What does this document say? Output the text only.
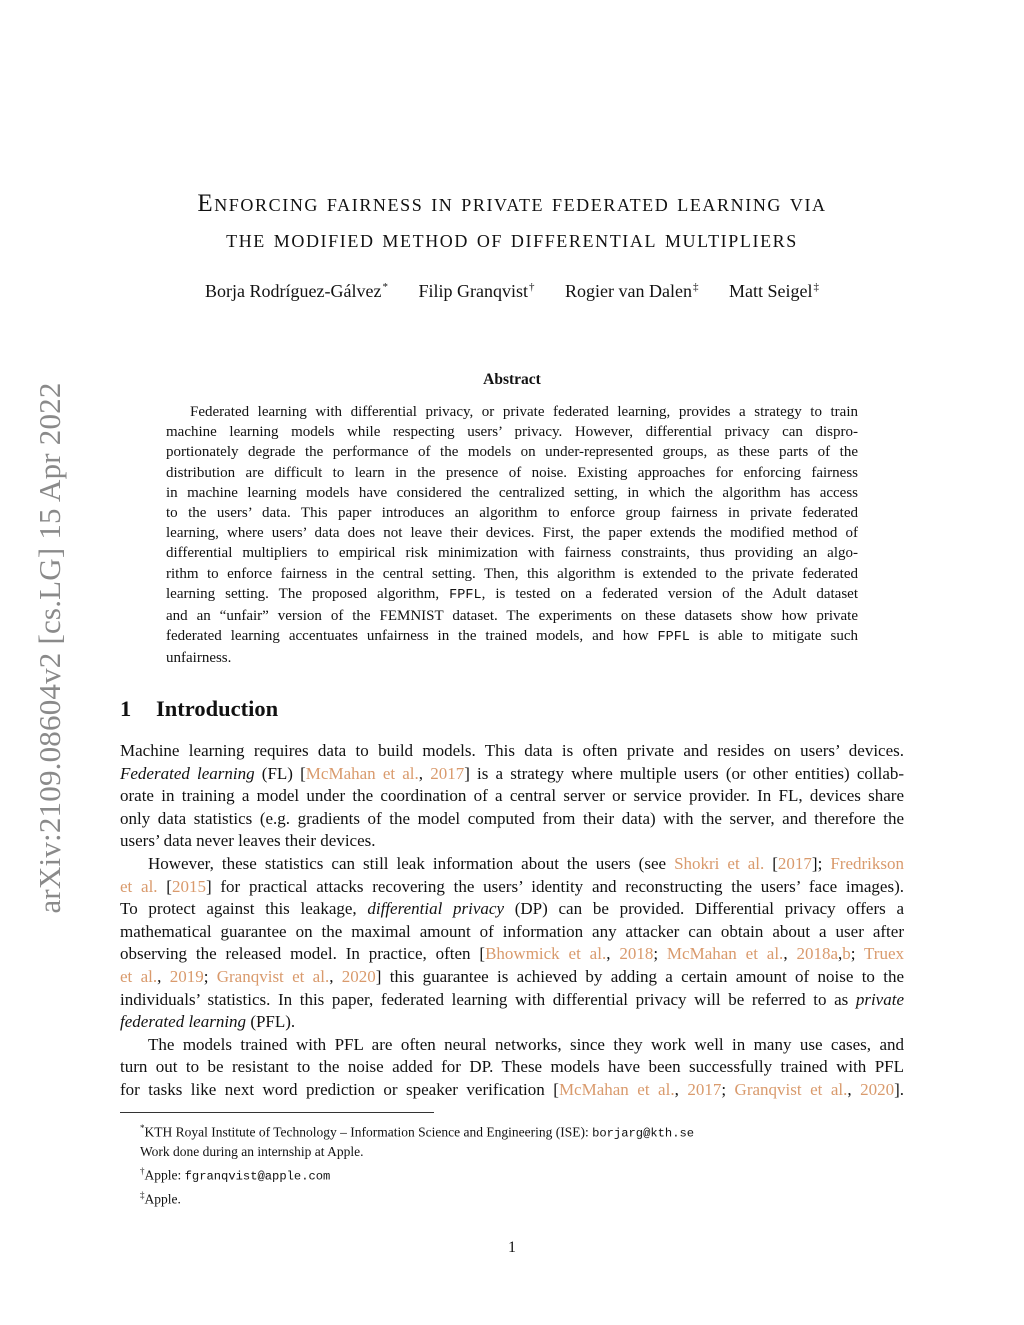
arXiv:2109.08604v2 [cs.LG] 15 Apr 2022
Enforcing fairness in private federated learning via
the modified method of differential multipliers
Borja Rodríguez-Gálvez* Filip Granqvist† Rogier van Dalen‡ Matt Seigel‡
Abstract
Federated learning with differential privacy, or private federated learning, provides a strategy to train
machine learning models while respecting users’ privacy. However, differential privacy can dispro-
portionately degrade the performance of the models on under-represented groups, as these parts of the
distribution are difficult to learn in the presence of noise. Existing approaches for enforcing fairness
in machine learning models have considered the centralized setting, in which the algorithm has access
to the users’ data. This paper introduces an algorithm to enforce group fairness in private federated
learning, where users’ data does not leave their devices. First, the paper extends the modified method of
differential multipliers to empirical risk minimization with fairness constraints, thus providing an algo-
rithm to enforce fairness in the central setting. Then, this algorithm is extended to the private federated
learning setting. The proposed algorithm, FPFL, is tested on a federated version of the Adult dataset
and an “unfair” version of the FEMNIST dataset. The experiments on these datasets show how private
federated learning accentuates unfairness in the trained models, and how FPFL is able to mitigate such
unfairness.
1 Introduction
Machine learning requires data to build models. This data is often private and resides on users’ devices.
Federated learning (FL) [McMahan et al., 2017] is a strategy where multiple users (or other entities) collab-
orate in training a model under the coordination of a central server or service provider. In FL, devices share
only data statistics (e.g. gradients of the model computed from their data) with the server, and therefore the
users’ data never leaves their devices.
However, these statistics can still leak information about the users (see Shokri et al. [2017]; Fredrikson
et al. [2015] for practical attacks recovering the users’ identity and reconstructing the users’ face images).
To protect against this leakage, differential privacy (DP) can be provided. Differential privacy offers a
mathematical guarantee on the maximal amount of information any attacker can obtain about a user after
observing the released model. In practice, often [Bhowmick et al., 2018; McMahan et al., 2018a,b; Truex
et al., 2019; Granqvist et al., 2020] this guarantee is achieved by adding a certain amount of noise to the
individuals’ statistics. In this paper, federated learning with differential privacy will be referred to as private
federated learning (PFL).
The models trained with PFL are often neural networks, since they work well in many use cases, and
turn out to be resistant to the noise added for DP. These models have been successfully trained with PFL
for tasks like next word prediction or speaker verification [McMahan et al., 2017; Granqvist et al., 2020].
*KTH Royal Institute of Technology – Information Science and Engineering (ISE): borjarg@kth.se
Work done during an internship at Apple.
†Apple: fgranqvist@apple.com
‡Apple.
1
